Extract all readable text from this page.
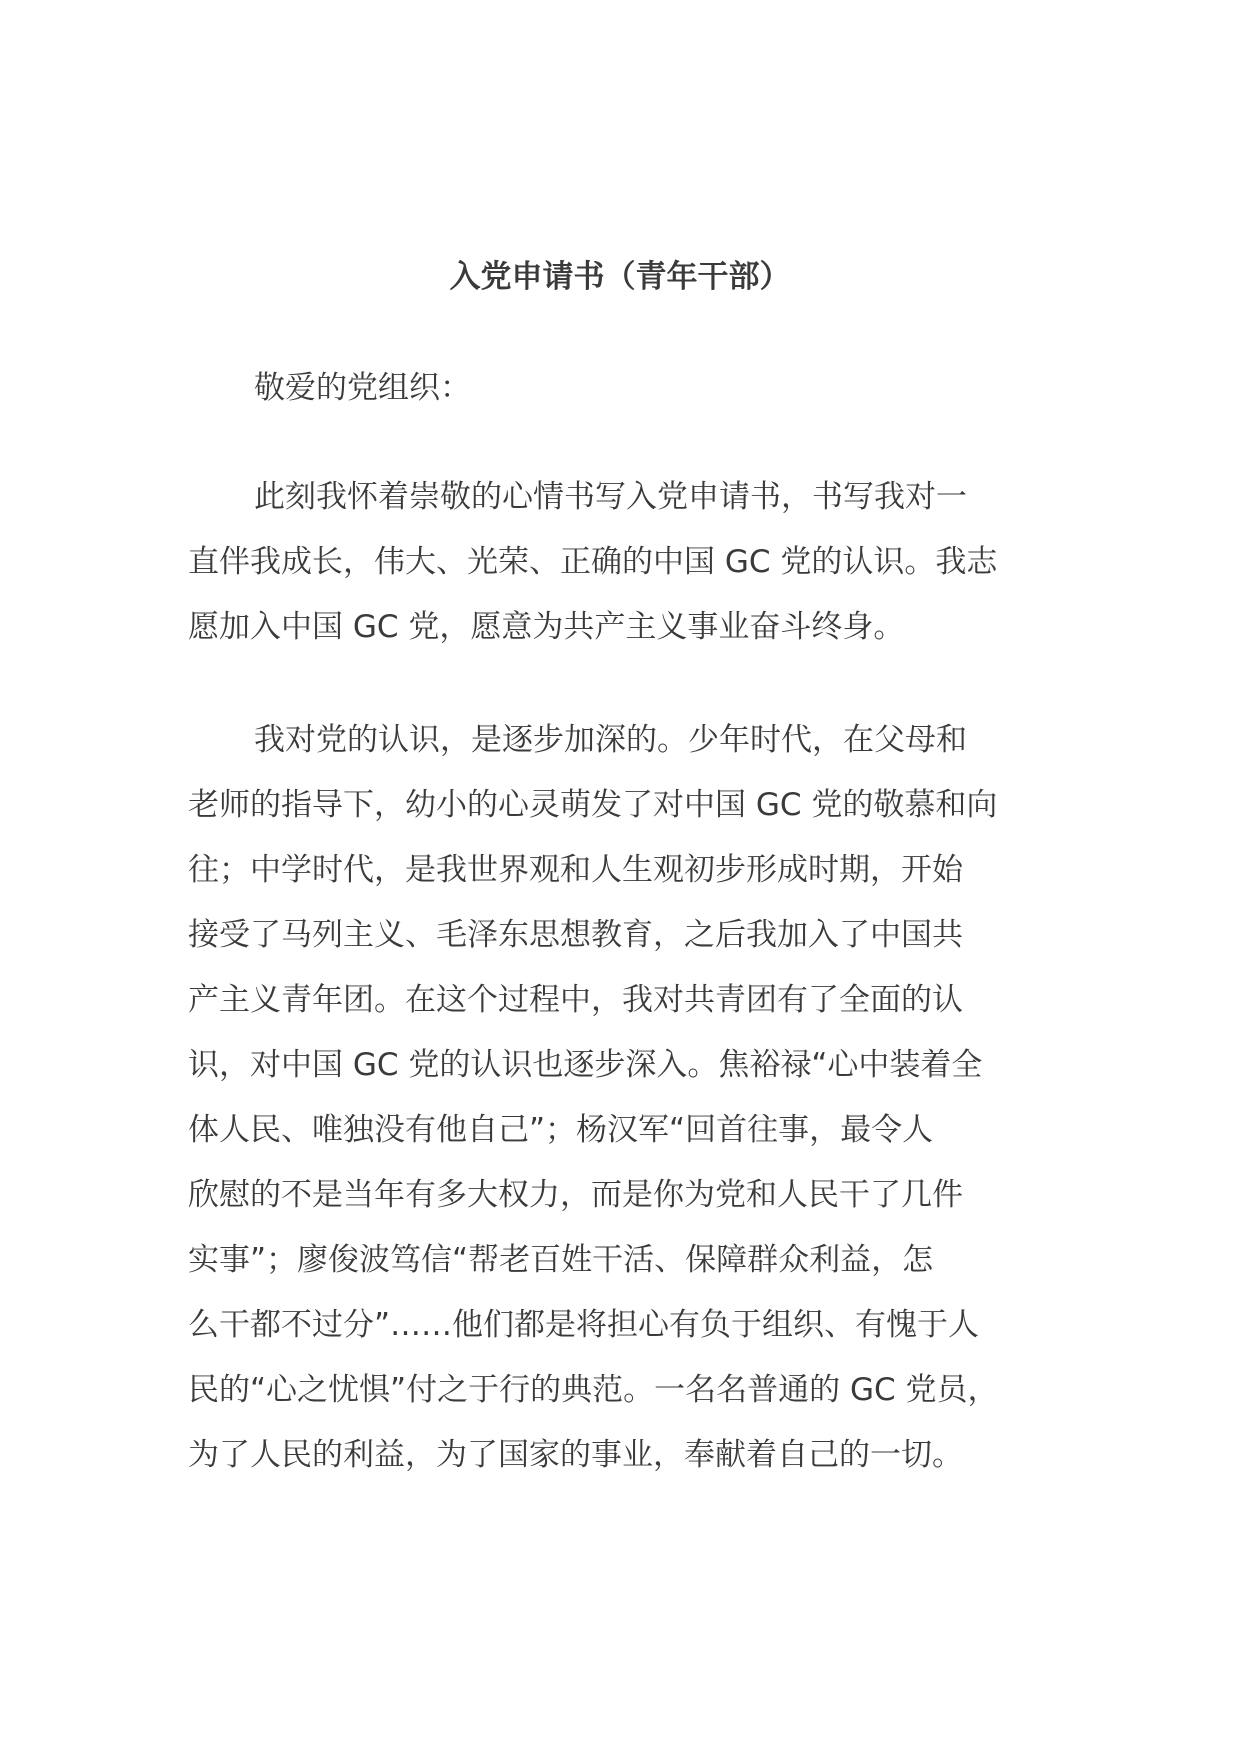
入党申请书（青年干部）

敬爱的党组织：

此刻我怀着崇敬的心情书写入党申请书，书写我对一
直伴我成长，伟大、光荣、正确的中国 GC 党的认识。我志
愿加入中国 GC 党，愿意为共产主义事业奋斗终身。
我对党的认识，是逐步加深的。少年时代，在父母和
老师的指导下，幼小的心灵萌发了对中国 GC 党的敬慕和向
往；中学时代，是我世界观和人生观初步形成时期，开始
接受了马列主义、毛泽东思想教育，之后我加入了中国共
产主义青年团。在这个过程中，我对共青团有了全面的认
识，对中国 GC 党的认识也逐步深入。焦裕禄“心中装着全
体人民、唯独没有他自己”；杨汉军“回首往事，最令人
欣慰的不是当年有多大权力，而是你为党和人民干了几件
实事”；廖俊波笃信“帮老百姓干活、保障群众利益，怎
么干都不过分”……他们都是将担心有负于组织、有愧于人
民的“心之忧惧”付之于行的典范。一名名普通的 GC 党员，
为了人民的利益，为了国家的事业，奉献着自己的一切。
